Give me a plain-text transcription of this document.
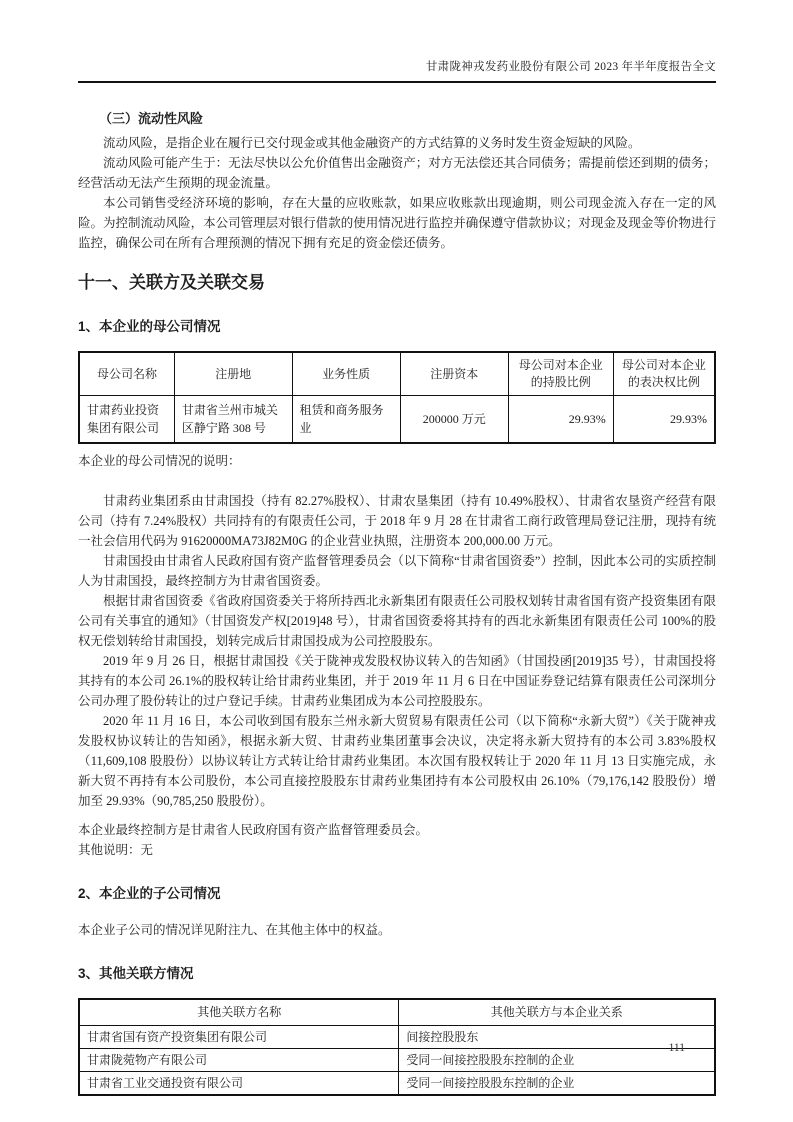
甘肃陇神戎发药业股份有限公司 2023 年半年度报告全文

（三）流动性风险

流动风险，是指企业在履行已交付现金或其他金融资产的方式结算的义务时发生资金短缺的风险。

流动风险可能产生于：无法尽快以公允价值售出金融资产；对方无法偿还其合同债务；需提前偿还到期的债务；经营活动无法产生预期的现金流量。

本公司销售受经济环境的影响，存在大量的应收账款，如果应收账款出现逾期，则公司现金流入存在一定的风险。为控制流动风险，本公司管理层对银行借款的使用情况进行监控并确保遵守借款协议；对现金及现金等价物进行监控，确保公司在所有合理预测的情况下拥有充足的资金偿还债务。

十一、关联方及关联交易

1、本企业的母公司情况

母公司名称	注册地	业务性质	注册资本	母公司对本企业的持股比例	母公司对本企业的表决权比例
甘肃药业投资集团有限公司	甘肃省兰州市城关区静宁路 308 号	租赁和商务服务业	200000 万元	29.93%	29.93%

本企业的母公司情况的说明：

甘肃药业集团系由甘肃国投（持有 82.27%股权）、甘肃农垦集团（持有 10.49%股权）、甘肃省农垦资产经营有限公司（持有 7.24%股权）共同持有的有限责任公司，于 2018 年 9 月 28 在甘肃省工商行政管理局登记注册，现持有统一社会信用代码为 91620000MA73J82M0G 的企业营业执照，注册资本 200,000.00 万元。

甘肃国投由甘肃省人民政府国有资产监督管理委员会（以下简称“甘肃省国资委”）控制，因此本公司的实质控制人为甘肃国投，最终控制方为甘肃省国资委。

根据甘肃省国资委《省政府国资委关于将所持西北永新集团有限责任公司股权划转甘肃省国有资产投资集团有限公司有关事宜的通知》（甘国资发产权[2019]48 号），甘肃省国资委将其持有的西北永新集团有限责任公司 100%的股权无偿划转给甘肃国投，划转完成后甘肃国投成为公司控股股东。

2019 年 9 月 26 日，根据甘肃国投《关于陇神戎发股权协议转入的告知函》（甘国投函[2019]35 号），甘肃国投将其持有的本公司 26.1%的股权转让给甘肃药业集团，并于 2019 年 11 月 6 日在中国证券登记结算有限责任公司深圳分公司办理了股份转让的过户登记手续。甘肃药业集团成为本公司控股股东。

2020 年 11 月 16 日，本公司收到国有股东兰州永新大贸贸易有限责任公司（以下简称“永新大贸”）《关于陇神戎发股权协议转让的告知函》，根据永新大贸、甘肃药业集团董事会决议，决定将永新大贸持有的本公司 3.83%股权（11,609,108 股股份）以协议转让方式转让给甘肃药业集团。本次国有股权转让于 2020 年 11 月 13 日实施完成，永新大贸不再持有本公司股份，本公司直接控股股东甘肃药业集团持有本公司股权由 26.10%（79,176,142 股股份）增加至 29.93%（90,785,250 股股份）。

本企业最终控制方是甘肃省人民政府国有资产监督管理委员会。

其他说明：无

2、本企业的子公司情况

本企业子公司的情况详见附注九、在其他主体中的权益。

3、其他关联方情况

其他关联方名称	其他关联方与本企业关系
甘肃省国有资产投资集团有限公司	间接控股股东
甘肃陇菀物产有限公司	受同一间接控股股东控制的企业
甘肃省工业交通投资有限公司	受同一间接控股股东控制的企业
111
